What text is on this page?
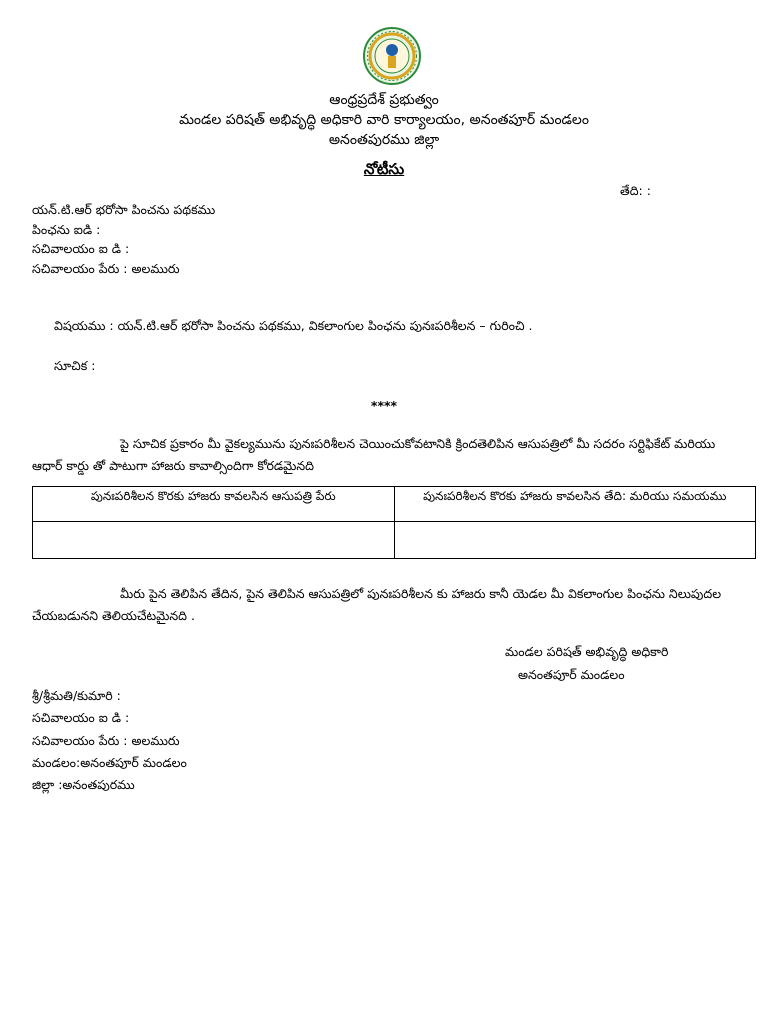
ఆంధ్రప్రదేశ్ ప్రభుత్వం
మండల పరిషత్ అభివృద్ధి అధికారి వారి కార్యాలయం, అనంతపూర్ మండలం
అనంతపురము జిల్లా
నోటీసు
తేది: :
యన్.టి.ఆర్ భరోసా పించను పథకము
పింఛను ఐడి :
సచివాలయం ఐ డి :
సచివాలయం పేరు : అలమురు
విషయము : యన్.టి.ఆర్ భరోసా పించను పథకము, వికలాంగుల పింఛను పునఃపరిశీలన – గురించి .
సూచిక :
****
పై సూచిక ప్రకారం మీ వైకల్యమును పునఃపరిశీలన చెయించుకోవటానికి క్రిందతెలిపిన ఆసుపత్రిలో మీ సదరం సర్టిఫికేట్ మరియు ఆధార్ కార్డు తో పాటుగా హాజరు కావాల్సిందిగా కోరడమైనది
పునఃపరిశీలన కొరకు హాజరు కావలసిన ఆసుపత్రి పేరు	పునఃపరిశీలన కొరకు హాజరు కావలసిన తేది: మరియు సమయము

మీరు పైన తెలిపిన తేదిన, పైన తెలిపిన ఆసుపత్రిలో పునఃపరిశీలన కు హాజరు కానీ యెడల మీ వికలాంగుల పింఛను నిలుపుదల చేయబడునని తెలియచేటమైనది .
మండల పరిషత్ అభివృద్ధి అధికారి
అనంతపూర్ మండలం
శ్రీ/శ్రీమతి/కుమారి :
సచివాలయం ఐ డి :
సచివాలయం పేరు : అలమురు
మండలం:అనంతపూర్ మండలం
జిల్లా :అనంతపురము
